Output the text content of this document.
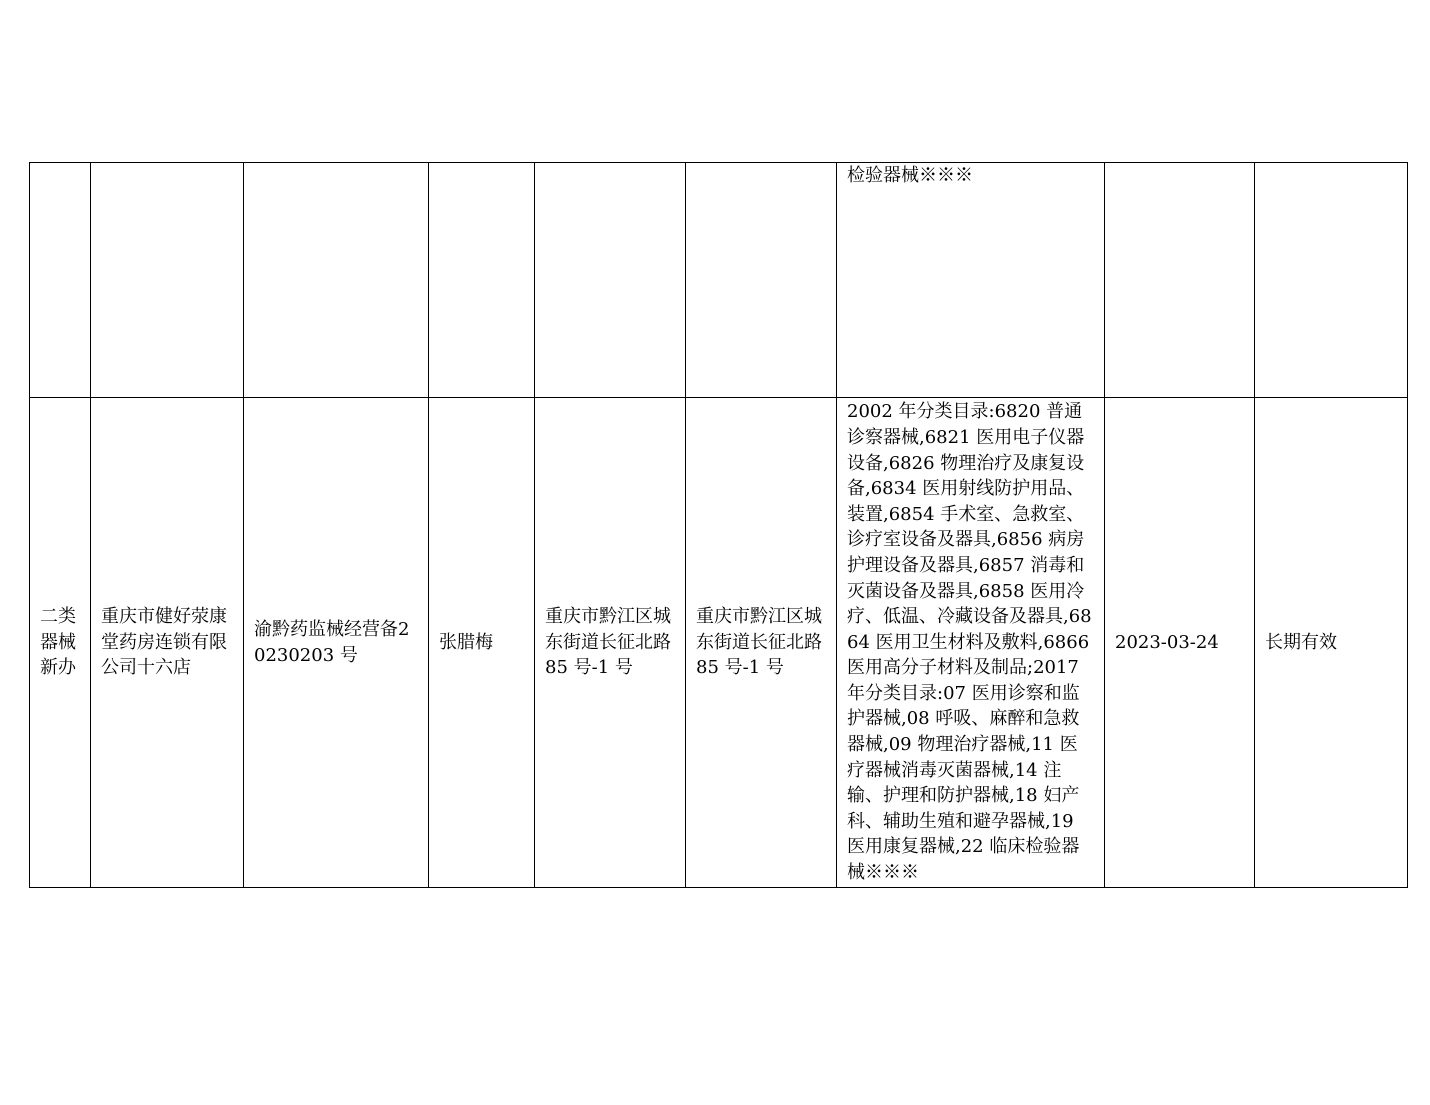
						检验器械※※※		
二类器械新办	重庆市健好荥康堂药房连锁有限公司十六店	渝黔药监械经营备20230203 号	张腊梅	重庆市黔江区城东街道长征北路 85 号-1 号	重庆市黔江区城东街道长征北路 85 号-1 号	2002 年分类目录:6820 普通诊察器械,6821 医用电子仪器设备,6826 物理治疗及康复设备,6834 医用射线防护用品、装置,6854 手术室、急救室、诊疗室设备及器具,6856 病房护理设备及器具,6857 消毒和灭菌设备及器具,6858 医用冷疗、低温、冷藏设备及器具,6864 医用卫生材料及敷料,6866 医用高分子材料及制品;2017 年分类目录:07 医用诊察和监护器械,08 呼吸、麻醉和急救器械,09 物理治疗器械,11 医疗器械消毒灭菌器械,14 注输、护理和防护器械,18 妇产科、辅助生殖和避孕器械,19 医用康复器械,22 临床检验器械※※※	2023-03-24	长期有效
